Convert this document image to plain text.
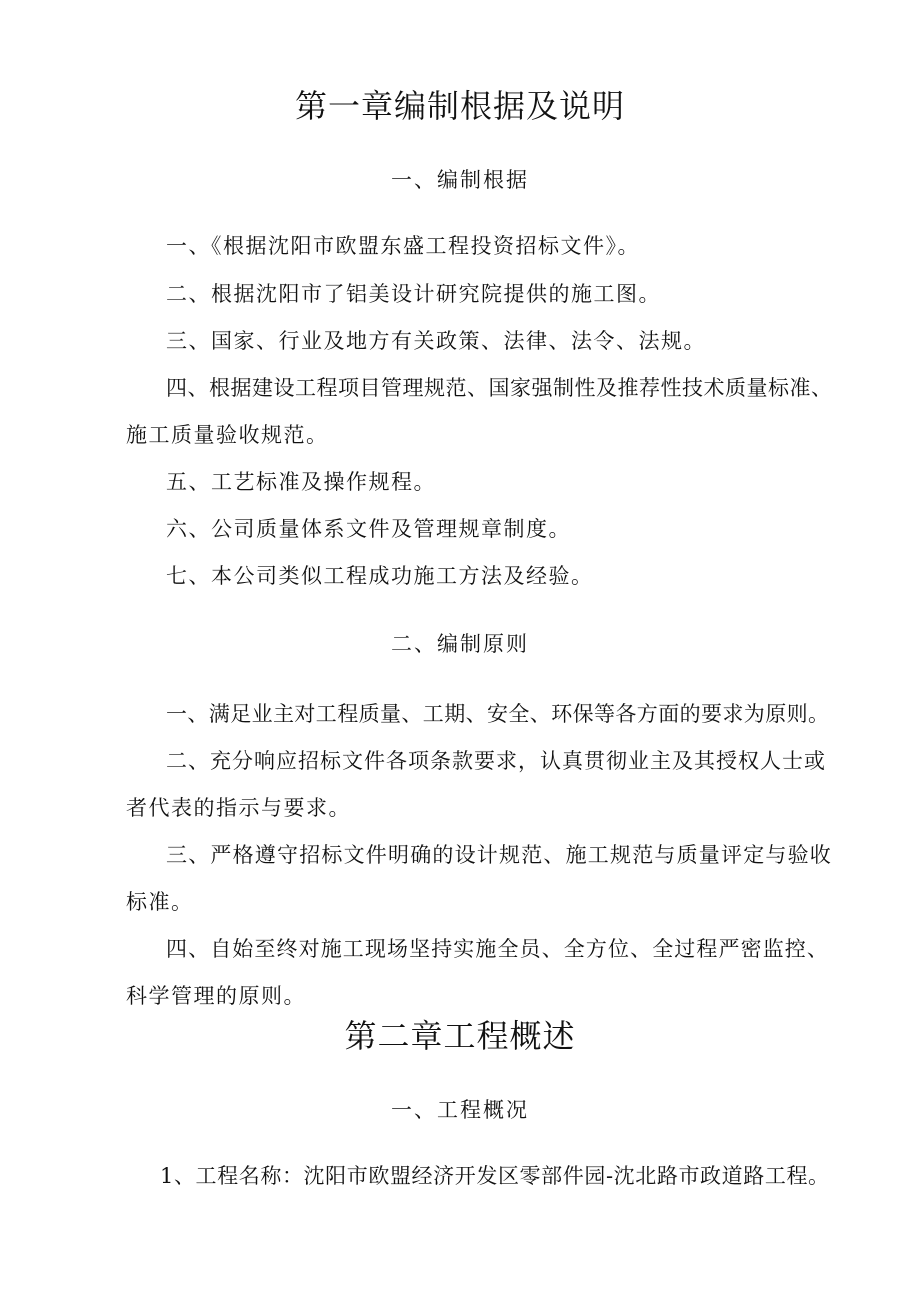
第一章编制根据及说明
一、编制根据
一、《根据沈阳市欧盟东盛工程投资招标文件》。
二、根据沈阳市了铝美设计研究院提供的施工图。
三、国家、行业及地方有关政策、法律、法令、法规。
四、根据建设工程项目管理规范、国家强制性及推荐性技术质量标准、
施工质量验收规范。
五、工艺标准及操作规程。
六、公司质量体系文件及管理规章制度。
七、本公司类似工程成功施工方法及经验。
二、编制原则
一、满足业主对工程质量、工期、安全、环保等各方面的要求为原则。
二、充分响应招标文件各项条款要求，认真贯彻业主及其授权人士或
者代表的指示与要求。
三、严格遵守招标文件明确的设计规范、施工规范与质量评定与验收
标准。
四、自始至终对施工现场坚持实施全员、全方位、全过程严密监控、
科学管理的原则。
第二章工程概述
一、工程概况
1、工程名称：沈阳市欧盟经济开发区零部件园-沈北路市政道路工程。
